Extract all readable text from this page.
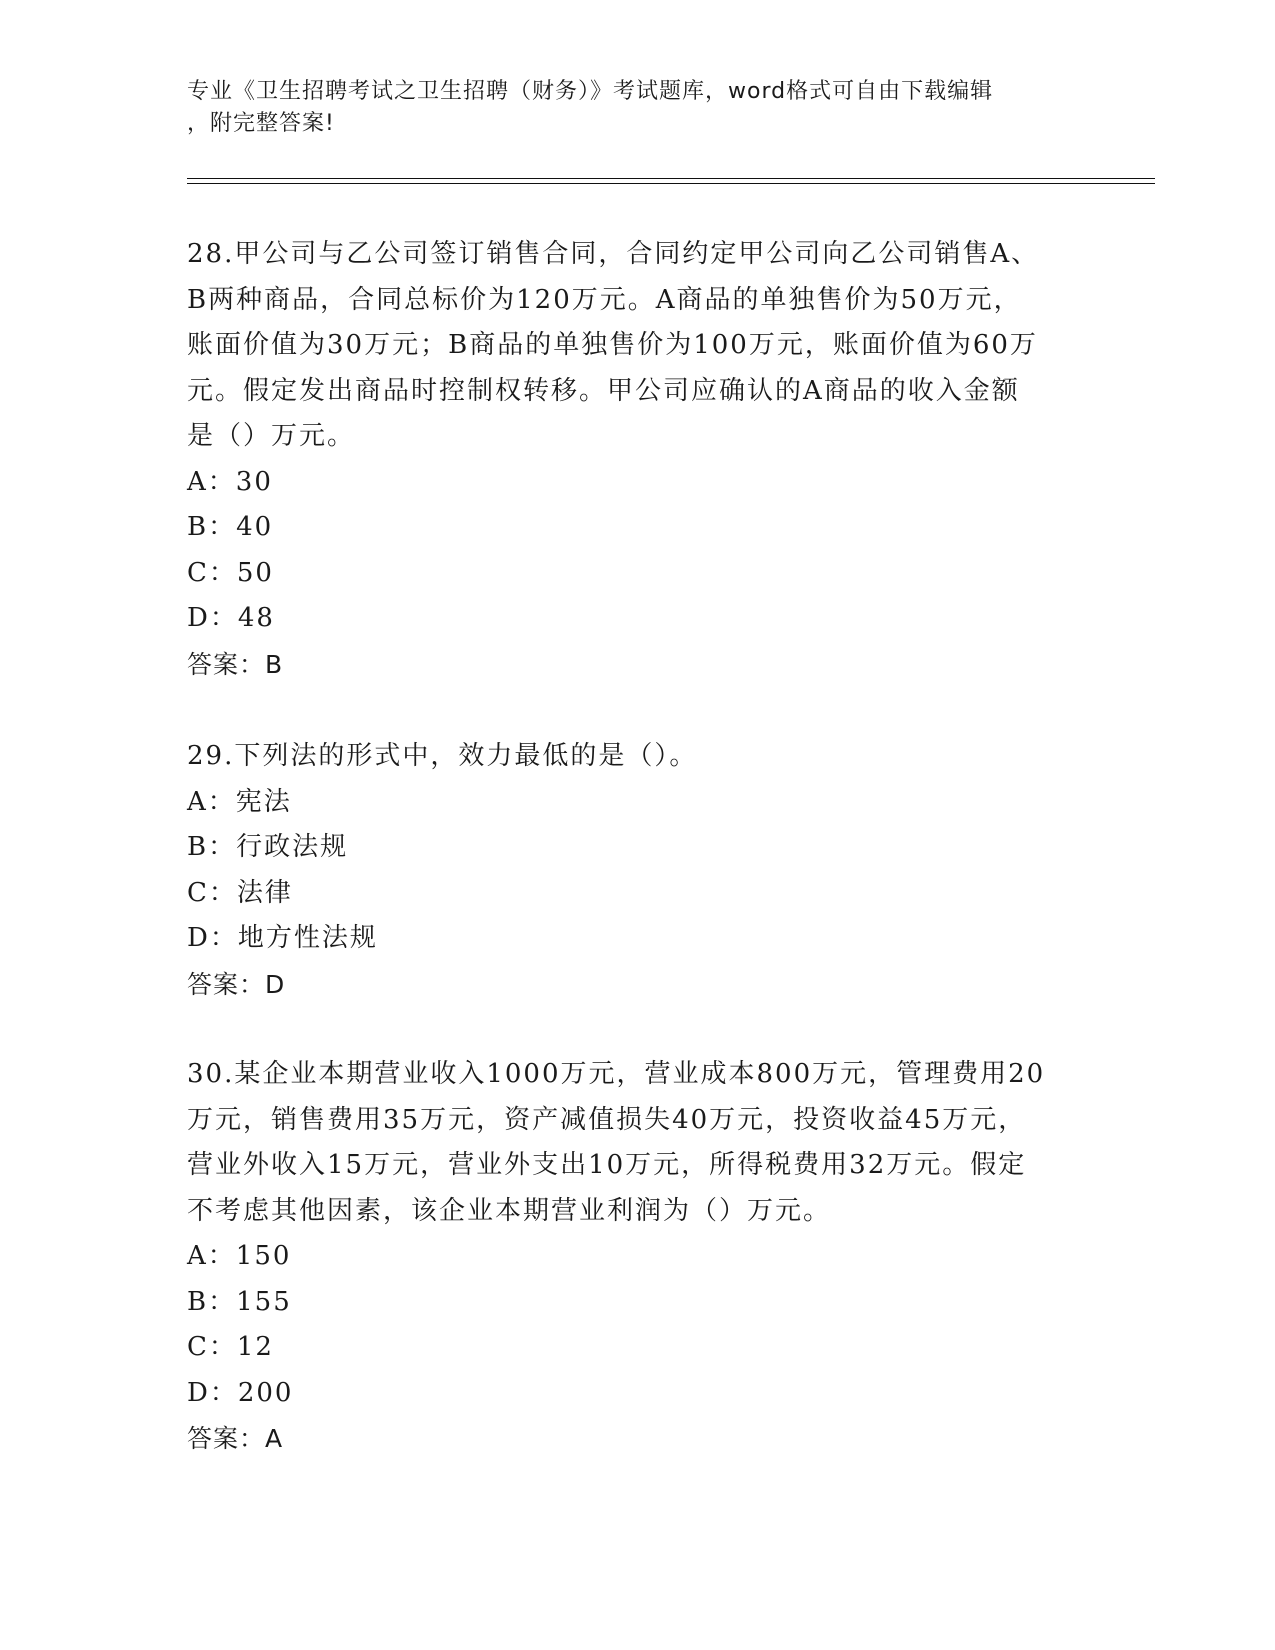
专业《卫生招聘考试之卫生招聘（财务）》考试题库，word格式可自由下载编辑
，附完整答案!

28.甲公司与乙公司签订销售合同，合同约定甲公司向乙公司销售A、

B两种商品，合同总标价为120万元。A商品的单独售价为50万元，

账面价值为30万元；B商品的单独售价为100万元，账面价值为60万

元。假定发出商品时控制权转移。甲公司应确认的A商品的收入金额

是（）万元。

A：30

B：40

C：50

D：48

答案：B

29.下列法的形式中，效力最低的是（）。

A：宪法

B：行政法规

C：法律

D：地方性法规

答案：D

30.某企业本期营业收入1000万元，营业成本800万元，管理费用20

万元，销售费用35万元，资产减值损失40万元，投资收益45万元，

营业外收入15万元，营业外支出10万元，所得税费用32万元。假定

不考虑其他因素，该企业本期营业利润为（）万元。

A：150

B：155

C：12

D：200

答案：A
